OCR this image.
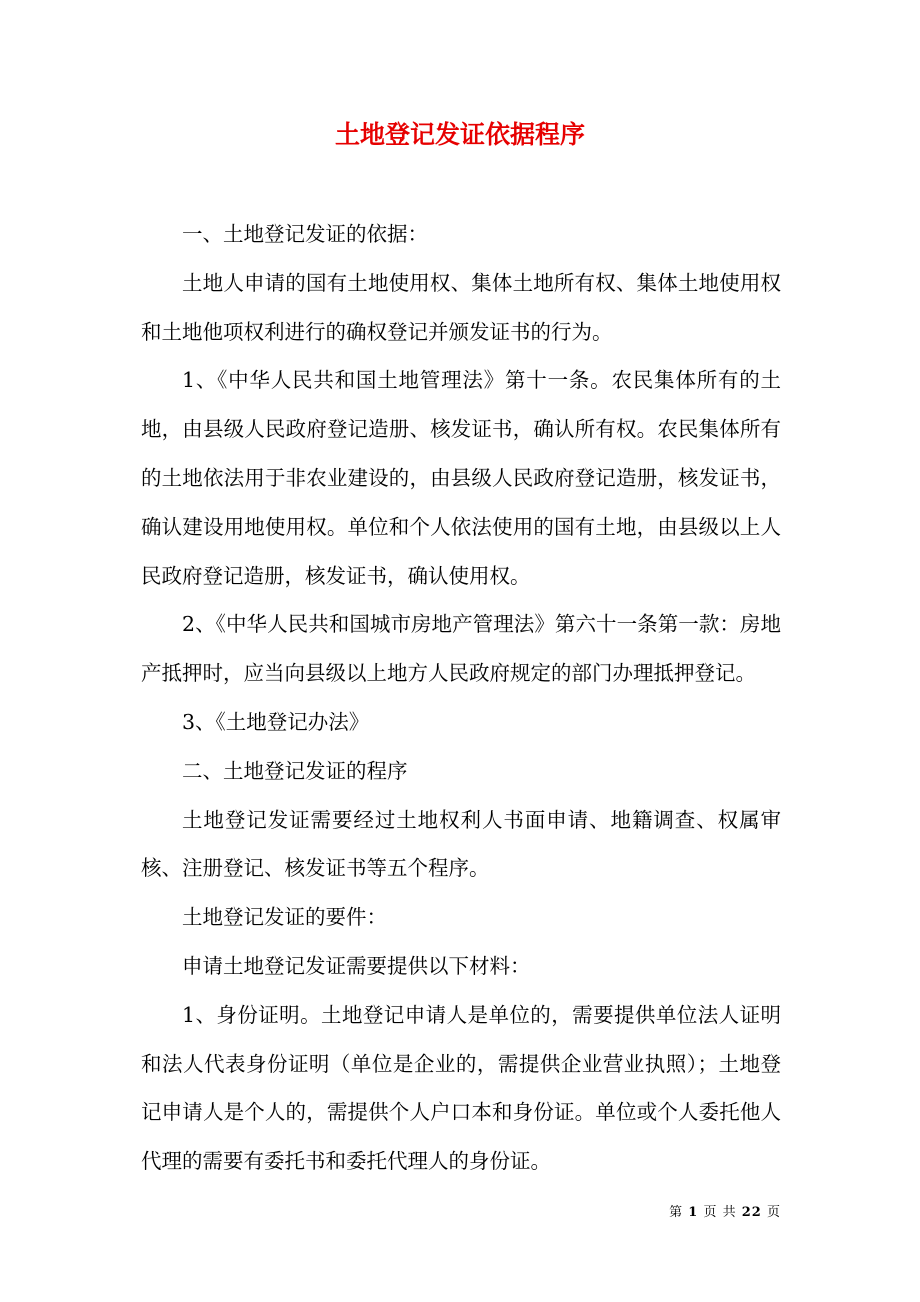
土地登记发证依据程序

一、土地登记发证的依据：

土地人申请的国有土地使用权、集体土地所有权、集体土地使用权和土地他项权利进行的确权登记并颁发证书的行为。

1、《中华人民共和国土地管理法》第十一条。农民集体所有的土地，由县级人民政府登记造册、核发证书，确认所有权。农民集体所有的土地依法用于非农业建设的，由县级人民政府登记造册，核发证书，确认建设用地使用权。单位和个人依法使用的国有土地，由县级以上人民政府登记造册，核发证书，确认使用权。

2、《中华人民共和国城市房地产管理法》第六十一条第一款：房地产抵押时，应当向县级以上地方人民政府规定的部门办理抵押登记。

3、《土地登记办法》

二、土地登记发证的程序

土地登记发证需要经过土地权利人书面申请、地籍调查、权属审核、注册登记、核发证书等五个程序。

土地登记发证的要件：

申请土地登记发证需要提供以下材料：

1、身份证明。土地登记申请人是单位的，需要提供单位法人证明和法人代表身份证明（单位是企业的，需提供企业营业执照）；土地登记申请人是个人的，需提供个人户口本和身份证。单位或个人委托他人代理的需要有委托书和委托代理人的身份证。

第 1 页 共 22 页
